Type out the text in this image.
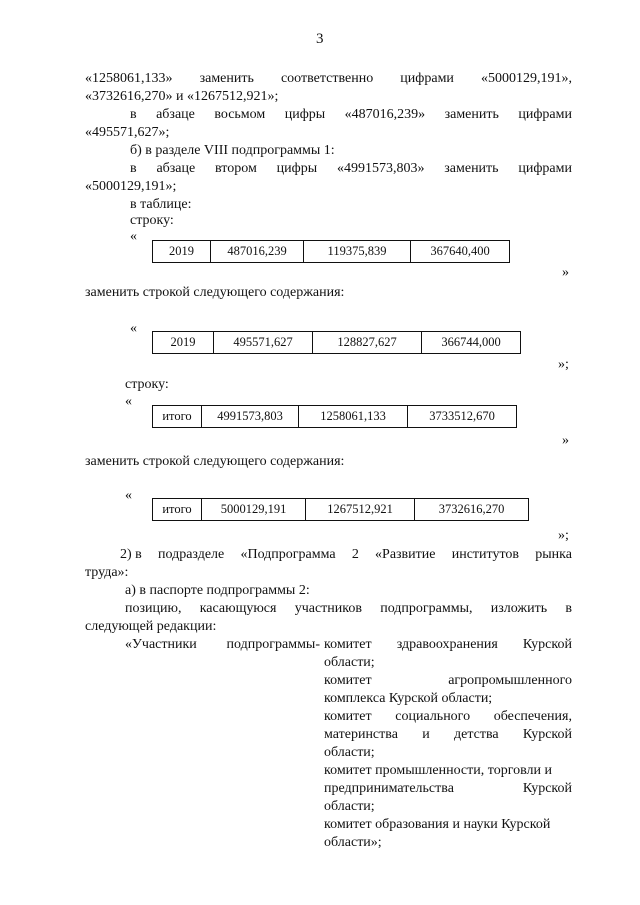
3
«1258061,133» заменить соответственно цифрами «5000129,191»,
«3732616,270» и «1267512,921»;
в абзаце восьмом цифры «487016,239» заменить цифрами
«495571,627»;
б) в разделе VIII подпрограммы 1:
в абзаце втором цифры «4991573,803» заменить цифрами
«5000129,191»;
в таблице:
строку:
«
2019	487016,239	119375,839	367640,400
»
заменить строкой следующего содержания:
«
2019	495571,627	128827,627	366744,000
»;
строку:
«
итого	4991573,803	1258061,133	3733512,670
»
заменить строкой следующего содержания:
«
итого	5000129,191	1267512,921	3732616,270
»;
2) в подразделе «Подпрограмма 2 «Развитие институтов рынка
труда»:
а) в паспорте подпрограммы 2:
позицию, касающуюся участников подпрограммы, изложить в
следующей редакции:
«Участники подпрограммы- комитет здравоохранения Курской
области;
комитет	агропромышленного
комплекса Курской области;
комитет социального обеспечения,
материнства и детства Курской
области;
комитет промышленности, торговли и
предпринимательства	Курской
области;
комитет образования и науки Курской
области»;
